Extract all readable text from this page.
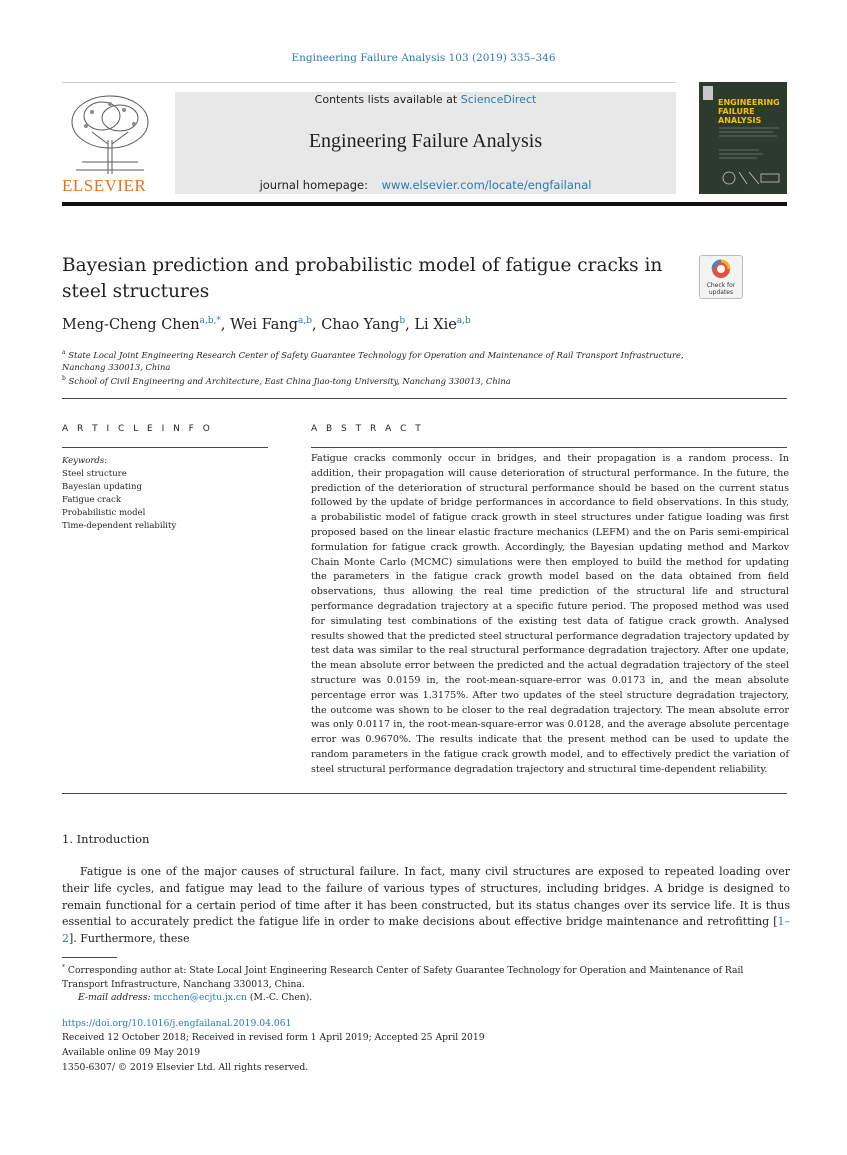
Engineering Failure Analysis 103 (2019) 335–346
ELSEVIER
Contents lists available at ScienceDirect
Engineering Failure Analysis
journal homepage: www.elsevier.com/locate/engfailanal
ENGINEERING FAILURE ANALYSIS
Bayesian prediction and probabilistic model of fatigue cracks in steel structures	Check for updates
Meng-Cheng Chen$^{a,b,*}$, Wei Fang$^{a,b}$, Chao Yang$^b$, Li Xie$^{a,b}$
$^a$ State Local Joint Engineering Research Center of Safety Guarantee Technology for Operation and Maintenance of Rail Transport Infrastructure,
Nanchang 330013, China
$^b$ School of Civil Engineering and Architecture, East China Jiao-tong University, Nanchang 330013, China
A R T I C L E I N F O
Keywords:
Steel structure
Bayesian updating
Fatigue crack
Probabilistic model
Time-dependent reliability
A B S T R A C T
Fatigue cracks commonly occur in bridges, and their propagation is a random process. In addition, their propagation will cause deterioration of structural performance. In the future, the prediction of the deterioration of structural performance should be based on the current status followed by the update of bridge performances in accordance to field observations. In this study, a probabilistic model of fatigue crack growth in steel structures under fatigue loading was first proposed based on the linear elastic fracture mechanics (LEFM) and the on Paris semi-empirical formulation for fatigue crack growth. Accordingly, the Bayesian updating method and Markov Chain Monte Carlo (MCMC) simulations were then employed to build the method for updating the parameters in the fatigue crack growth model based on the data obtained from field observations, thus allowing the real time prediction of the structural life and structural performance degradation trajectory at a specific future period. The proposed method was used for simulating test combinations of the existing test data of fatigue crack growth. Analysed results showed that the predicted steel structural performance degradation trajectory updated by test data was similar to the real structural performance degradation trajectory. After one update, the mean absolute error between the predicted and the actual degradation trajectory of the steel structure was 0.0159 in, the root-mean-square-error was 0.0173 in, and the mean absolute percentage error was 1.3175%. After two updates of the steel structure degradation trajectory, the outcome was shown to be closer to the real degradation trajectory. The mean absolute error was only 0.0117 in, the root-mean-square-error was 0.0128, and the average absolute percentage error was 0.9670%. The results indicate that the present method can be used to update the random parameters in the fatigue crack growth model, and to effectively predict the variation of steel structural performance degradation trajectory and structural time-dependent reliability.
1. Introduction
Fatigue is one of the major causes of structural failure. In fact, many civil structures are exposed to repeated loading over their life cycles, and fatigue may lead to the failure of various types of structures, including bridges. A bridge is designed to remain functional for a certain period of time after it has been constructed, but its status changes over its service life. It is thus essential to accurately predict the fatigue life in order to make decisions about effective bridge maintenance and retrofitting [1–2]. Furthermore, these
* Corresponding author at: State Local Joint Engineering Research Center of Safety Guarantee Technology for Operation and Maintenance of Rail Transport Infrastructure, Nanchang 330013, China.
E-mail address: mcchen@ecjtu.jx.cn (M.-C. Chen).
https://doi.org/10.1016/j.engfailanal.2019.04.061
Received 12 October 2018; Received in revised form 1 April 2019; Accepted 25 April 2019
Available online 09 May 2019
1350-6307/ © 2019 Elsevier Ltd. All rights reserved.
